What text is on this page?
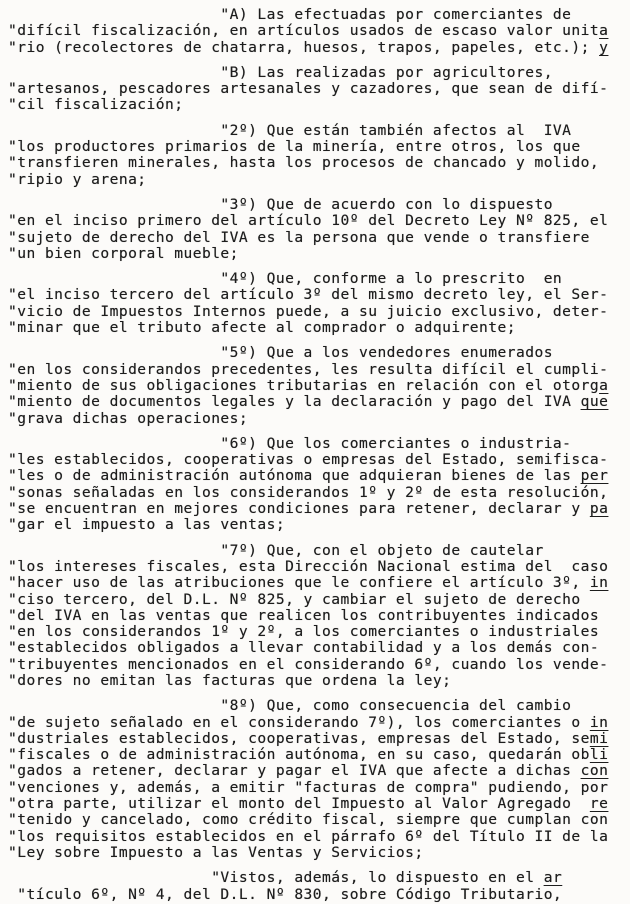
"A) Las efectuadas por comerciantes de
"difícil fiscalización, en artículos usados de escaso valor unita
"rio (recolectores de chatarra, huesos, trapos, papeles, etc.); y
"B) Las realizadas por agricultores,
"artesanos, pescadores artesanales y cazadores, que sean de difí-
"cil fiscalización;
"2º) Que están también afectos al  IVA
"los productores primarios de la minería, entre otros, los que
"transfieren minerales, hasta los procesos de chancado y molido,
"ripio y arena;
"3º) Que de acuerdo con lo dispuesto
"en el inciso primero del artículo 10º del Decreto Ley Nº 825, el
"sujeto de derecho del IVA es la persona que vende o transfiere
"un bien corporal mueble;
"4º) Que, conforme a lo prescrito  en
"el inciso tercero del artículo 3º del mismo decreto ley, el Ser-
"vicio de Impuestos Internos puede, a su juicio exclusivo, deter-
"minar que el tributo afecte al comprador o adquirente;
"5º) Que a los vendedores enumerados
"en los considerandos precedentes, les resulta difícil el cumpli-
"miento de sus obligaciones tributarias en relación con el otorga
"miento de documentos legales y la declaración y pago del IVA que
"grava dichas operaciones;
"6º) Que los comerciantes o industria-
"les establecidos, cooperativas o empresas del Estado, semifisca-
"les o de administración autónoma que adquieran bienes de las per
"sonas señaladas en los considerandos 1º y 2º de esta resolución,
"se encuentran en mejores condiciones para retener, declarar y pa
"gar el impuesto a las ventas;
"7º) Que, con el objeto de cautelar
"los intereses fiscales, esta Dirección Nacional estima del  caso
"hacer uso de las atribuciones que le confiere el artículo 3º, in
"ciso tercero, del D.L. Nº 825, y cambiar el sujeto de derecho
"del IVA en las ventas que realicen los contribuyentes indicados
"en los considerandos 1º y 2º, a los comerciantes o industriales
"establecidos obligados a llevar contabilidad y a los demás con-
"tribuyentes mencionados en el considerando 6º, cuando los vende-
"dores no emitan las facturas que ordena la ley;
"8º) Que, como consecuencia del cambio
"de sujeto señalado en el considerando 7º), los comerciantes o in
"dustriales establecidos, cooperativas, empresas del Estado, semi
"fiscales o de administración autónoma, en su caso, quedarán obli
"gados a retener, declarar y pagar el IVA que afecte a dichas con
"venciones y, además, a emitir "facturas de compra" pudiendo, por
"otra parte, utilizar el monto del Impuesto al Valor Agregado  re
"tenido y cancelado, como crédito fiscal, siempre que cumplan con
"los requisitos establecidos en el párrafo 6º del Título II de la
"Ley sobre Impuesto a las Ventas y Servicios;
"Vistos, además, lo dispuesto en el ar
"tículo 6º, Nº 4, del D.L. Nº 830, sobre Código Tributario,
